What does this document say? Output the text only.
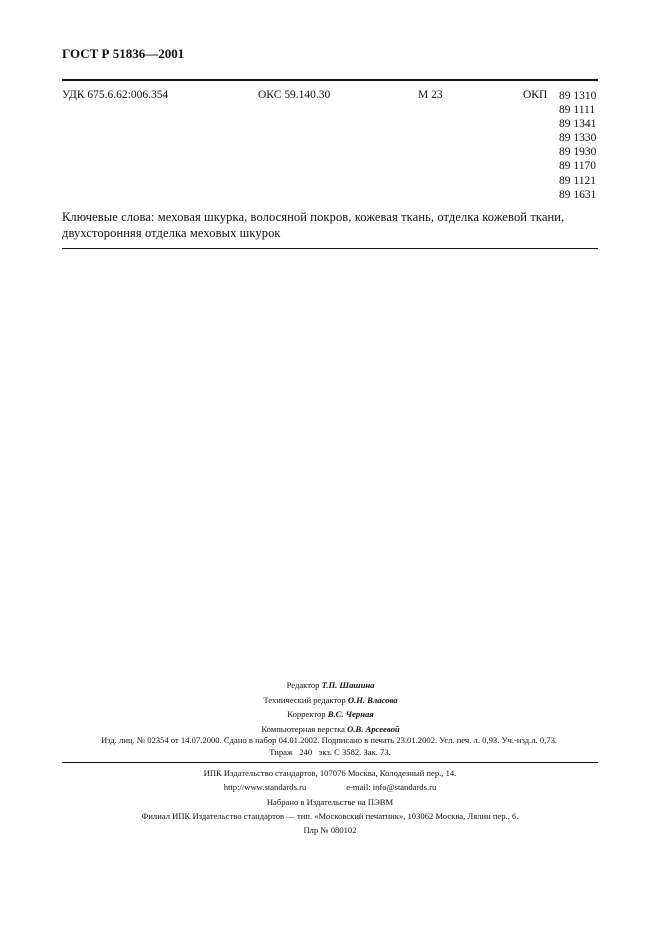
ГОСТ Р 51836—2001
УДК 675.6.62:006.354	ОКС 59.140.30	М 23	ОКП 89 1310
89 1111
89 1341
89 1330
89 1930
89 1170
89 1121
89 1631
Ключевые слова: меховая шкурка, волосяной покров, кожевая ткань, отделка кожевой ткани, двухсторонняя отделка меховых шкурок
Редактор Т.П. Шашина
Технический редактор О.Н. Власова
Корректор В.С. Черная
Компьютерная верстка О.В. Арсеевой
Изд. лиц. № 02354 от 14.07.2000. Сдано в набор 04.01.2002. Подписано в печать 23.01.2002. Усл. печ. л. 0,93. Уч.-изд.л. 0,73.
Тираж   240   экз. С 3582. Зак. 73.
ИПК Издательство стандартов, 107076 Москва, Колодезный пер., 14.
http://www.standards.ru	e-mail: info@standards.ru
Набрано в Издательстве на ПЭВМ
Филиал ИПК Издательство стандартов — тип. «Московский печатник», 103062 Москва, Лялин пер., 6.
Плр № 080102
